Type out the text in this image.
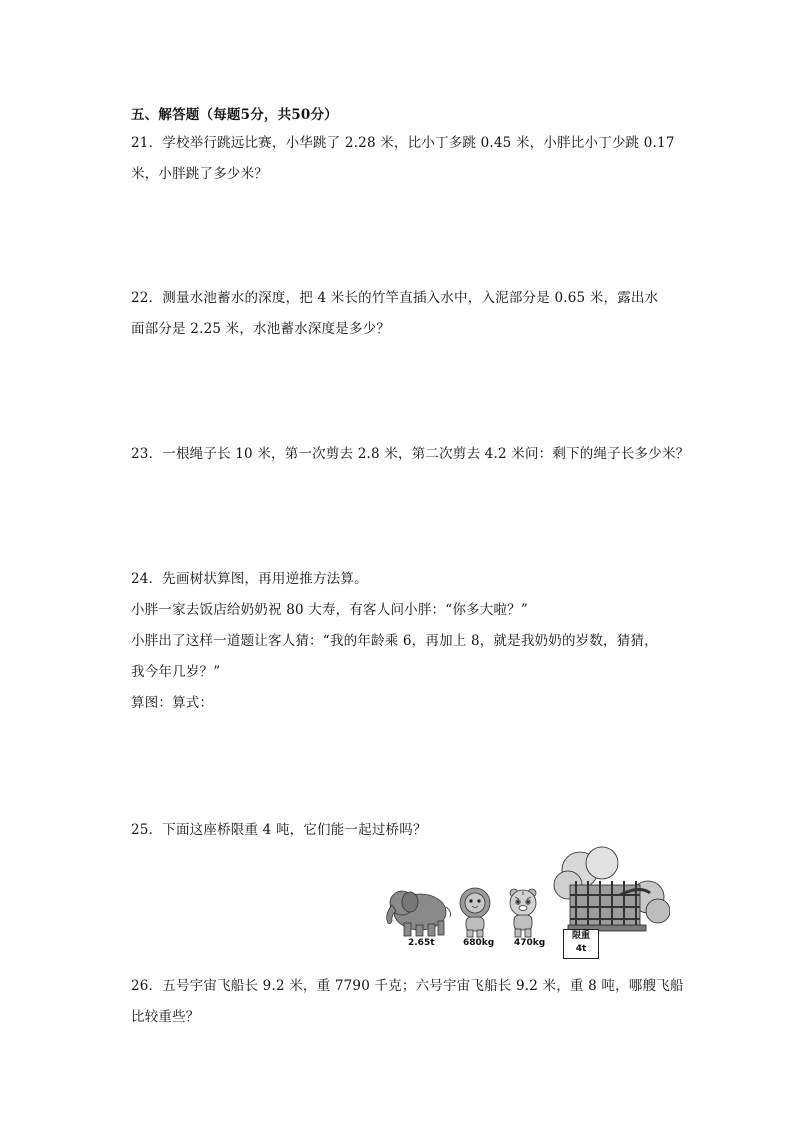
五、解答题（每题5分，共50分）
21．学校举行跳远比赛，小华跳了 2.28 米，比小丁多跳 0.45 米，小胖比小丁少跳 0.17
米，小胖跳了多少米？
22．测量水池蓄水的深度，把 4 米长的竹竿直插入水中，入泥部分是 0.65 米，露出水
面部分是 2.25 米，水池蓄水深度是多少？
23．一根绳子长 10 米，第一次剪去 2.8 米，第二次剪去 4.2 米问：剩下的绳子长多少米？
24．先画树状算图，再用逆推方法算。
小胖一家去饭店给奶奶祝 80 大寿，有客人问小胖：“你多大啦？”
小胖出了这样一道题让客人猜：“我的年龄乘 6，再加上 8，就是我奶奶的岁数，猜猜，
我今年几岁？”
算图：算式：
25．下面这座桥限重 4 吨，它们能一起过桥吗？
2.65t	680kg 470kg
限重
4t
26．五号宇宙飞船长 9.2 米，重 7790 千克；六号宇宙飞船长 9.2 米，重 8 吨，哪艘飞船
比较重些？
